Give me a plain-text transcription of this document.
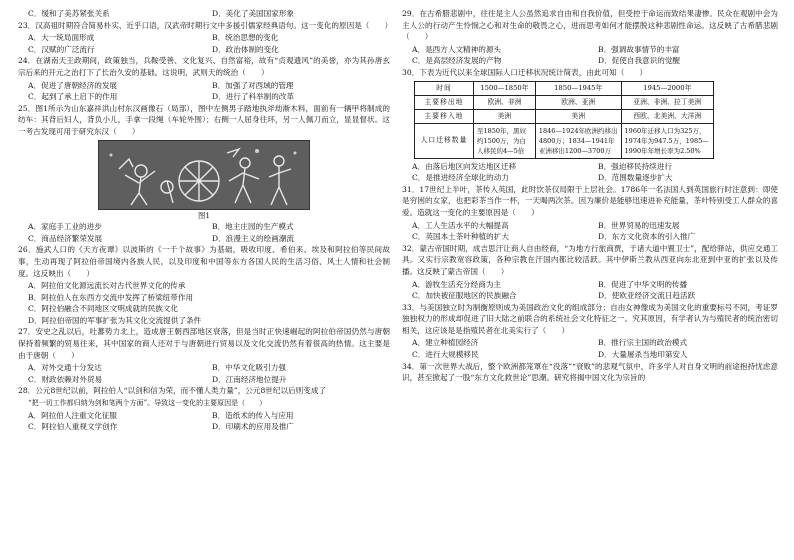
C．缓和了美苏紧张关系	D．美化了美国国家形象
23．汉高祖时期符合简易朴实、近乎口语，汉武帝时期行文中多援引儒家经典语句。这一变化的原因是（　　）
A．大一统局面形成	B．统治思想的变化
C．汉赋的广泛流行	D．政治体制的变化
24．在湖南天王政期间，政策独当，兵鞍受善、文化复兴、自然富裕，故有“贞观遗风”的美誉，亦为其孙唐玄宗后来的开元之治打下了长治久安的基础。这说明，武则天的统治（　　）
A．促进了唐朝经济的发展	B．加强了对西域的管理
C．起到了承上启下的作用	D．进行了科举制的改革
25．图1所示为山东嘉祥洪山村东汉画像石（局部），图中左侧男子踏地执斧劫渐木料，面前有一辆甲将制成的纺车：其背后妇人，背负小儿，手拿一段绳（车轮外围）；右侧一人屈身往环，另一人佩刀而立，显显督状。这一考古发现可用于研究东汉（　　）
图1
A．家庭手工业的进步	B．地主庄园的生产模式
C．商品经济繁荣发展	D．浪漫主义的绘画潮流
26．施武人口的《天方夜谭》以波斯的《一千个故事》为基础，吸收印度、希伯来、埃及和阿拉伯等民间故事，生动再现了阿拉伯帝国境内各族人民，以及印度和中国等东方各国人民的生活习俗、风土人情和社会制度。这反映出（　　）
A．阿拉伯文化源远流长对古代世界文化的传承
B．阿拉伯人在东西方交流中发挥了桥梁纽带作用
C．阿拉伯融合不同地区文明成就的民族文化
D．阿拉伯帝国的军事扩张为其文化交流提供了条件
27．安史之乱以后，吐蕃势力北上，造成唐王朝西部地区衰落，但是当时正快速崛起的阿拉伯帝国仍然与唐朝保持着频繁的贸易往来，其中国家的商人还对于与唐朝进行贸易以及文化交流仍然有着很高的热情。这主要是由于唐朝（　　）
A．对外交通十分发达	B．中华文化吸引力强
C．财政依赖对外贸易	D．江南经济地位提升
28．公元8世纪以前，阿拉伯人“以剑和信为荣，而不懂人类力量”，公元8世纪以后则变成了
“把一切工作都归纳为剑和笔两个方面”。导致这一变化的主要原因是（　　）
A．阿拉伯人注重文化征服	B．造纸术的传入与应用
C．阿拉伯人重视文学创作	D．印刷术的应用及推广
29．在古希腊悲剧中，往往是主人公虽然追求自由和自我价值，但受控于命运而致结果凄惨。民众在观剧中会为主人公的行动产生怜悯之心和对生命的敬畏之心，进而思考如何才能摆脱这种悲剧性命运。这反映了古希腊悲剧（　　）
A．是西方人文精神的源头	B．强调故事情节的丰富
C．是高层经济发展的产物	D．促使自我意识的觉醒
30．下表为近代以来全球国际人口迁移状况统计简表，由此可知（　　）
时间	1500—1850年	1850—1945年	1945—2000年
主要移出地	欧洲、非洲	欧洲、亚洲	亚洲、非洲、拉丁美洲
主要移入地	美洲	美洲	西欧、北美洲、大洋洲
人口迁移数量	至1850年，黑奴约1500万，为白人移民的4—5倍	1846—1924年欧洲约移出4800万；1834—1941年亚洲移出1200—3700万	1960年迁移人口为325万，1974年为947.5万，1985—1990年年增长率为2.50%
A．由落后地区向发达地区迁移	B．强迫移民持续进行
C．是推进经济全球化的动力	D．范围数量逐步扩大
31．17世纪上半叶，茶传入英国，此时饮茶仅局限于上层社会。1786年一名法国人到英国旅行时注意到：即使是穷困的女家，也把彩茶当作一杯，一天喝两次茶。因为廉价是能够迅速进补充能量，茶叶特别受工人群众的喜爱。造就这一变化的主要原因是（　　）
A．工人生活水平的大幅提高	B．世界贸易的迅速发展
C．英国本土茶叶种植的扩大	D．东方文化资本的引入推广
32．蒙古帝国时期，成吉思汗让商人自由经商，“为地方行旅商贾，于诸大道中置卫士”，配给驿站，供应交通工具。又实行宗教宽容政策，各种宗教在汗国内都比较活跃。其中伊斯兰教从西亚向东北亚到中亚的扩张以及传播。这反映了蒙古帝国（　　）
A．游牧生活充分经商为主	B．促进了中华文明的传播
C．加快被征服地区的民族融合	D．使欧亚经济交流日趋活跃
33．与美国独立时为制衡原则成为美国政治文化的组成部分；自由女神像成为美国文化的重要标号不同，考证罗独独权力的形成却促进了旧大陆之前联合的系统社会文化特征之一。究其原因，有学者认为与殖民者的统治密切相关，这应该是是指殖民者在北美实行了（　　）
A．建立种植园经济	B．推行宗主国的政治模式
C．进行大规模移民	D．大量屠杀当地印第安人
34．第一次世界大战后，整个欧洲都笼罩在“没落”“衰败”的悲观气氛中，许多学人对自身文明的前途抱持忧虑意识，甚至掀起了一股“东方文化救世论”思潮。研究将揭中国文化为宗旨的
